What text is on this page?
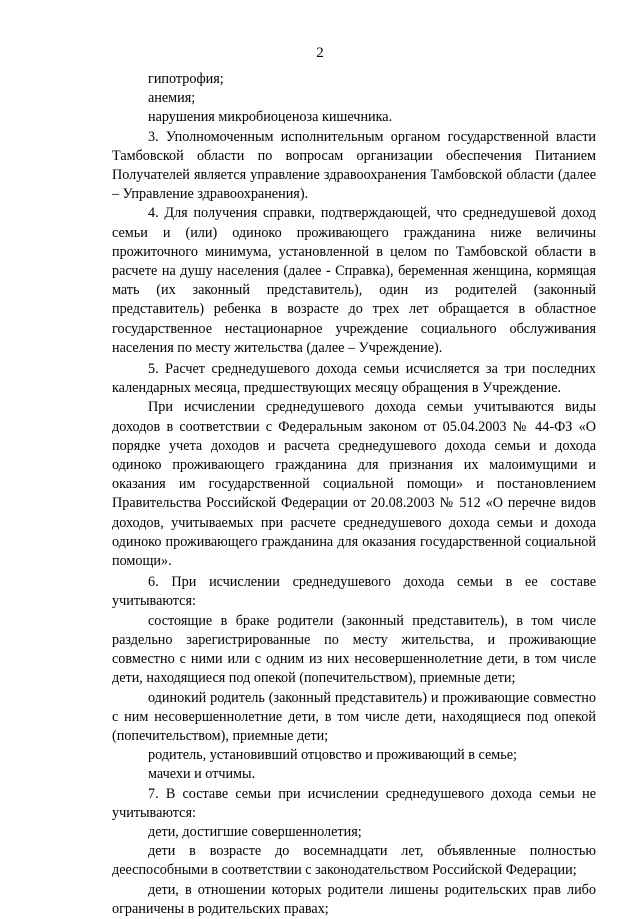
2

гипотрофия;

анемия;

нарушения микробиоценоза кишечника.

3. Уполномоченным исполнительным органом государственной власти Тамбовской области по вопросам организации обеспечения Питанием Получателей является управление здравоохранения Тамбовской области (далее – Управление здравоохранения).

4. Для получения справки, подтверждающей, что среднедушевой доход семьи и (или) одиноко проживающего гражданина ниже величины прожиточного минимума, установленной в целом по Тамбовской области в расчете на душу населения (далее - Справка), беременная женщина, кормящая мать (их законный представитель), один из родителей (законный представитель) ребенка в возрасте до трех лет обращается в областное государственное нестационарное учреждение социального обслуживания населения по месту жительства (далее – Учреждение).

5. Расчет среднедушевого дохода семьи исчисляется за три последних календарных месяца, предшествующих месяцу обращения в Учреждение.

При исчислении среднедушевого дохода семьи учитываются виды доходов в соответствии с Федеральным законом от 05.04.2003 № 44-ФЗ «О порядке учета доходов и расчета среднедушевого дохода семьи и дохода одиноко проживающего гражданина для признания их малоимущими и оказания им государственной социальной помощи» и постановлением Правительства Российской Федерации от 20.08.2003 № 512 «О перечне видов доходов, учитываемых при расчете среднедушевого дохода семьи и дохода одиноко проживающего гражданина для оказания государственной социальной помощи».

6. При исчислении среднедушевого дохода семьи в ее составе учитываются:

состоящие в браке родители (законный представитель), в том числе раздельно зарегистрированные по месту жительства, и проживающие совместно с ними или с одним из них несовершеннолетние дети, в том числе дети, находящиеся под опекой (попечительством), приемные дети;

одинокий родитель (законный представитель) и проживающие совместно с ним несовершеннолетние дети, в том числе дети, находящиеся под опекой (попечительством), приемные дети;

родитель, установивший отцовство и проживающий в семье;

мачехи и отчимы.

7. В составе семьи при исчислении среднедушевого дохода семьи не учитываются:

дети, достигшие совершеннолетия;

дети в возрасте до восемнадцати лет, объявленные полностью дееспособными в соответствии с законодательством Российской Федерации;

дети, в отношении которых родители лишены родительских прав либо ограничены в родительских правах;
